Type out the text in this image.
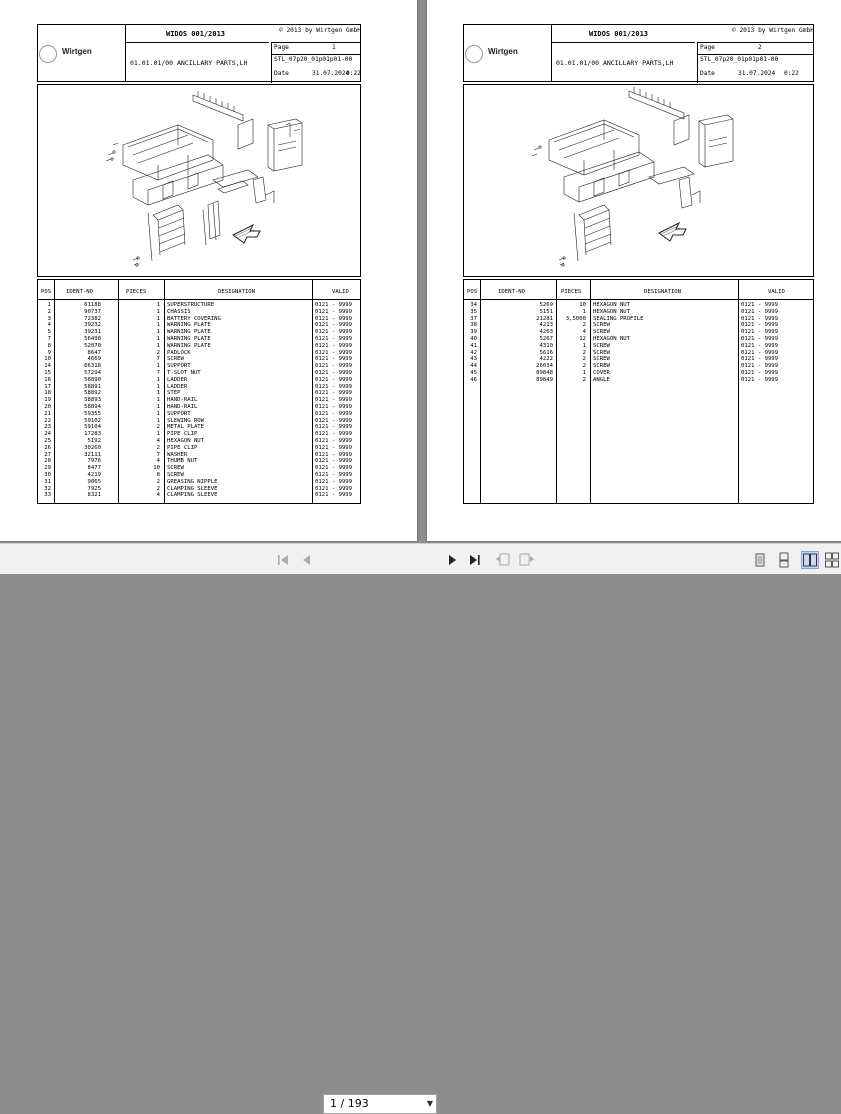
Wirtgen
© 2013 by Wirtgen GmbH
WIDOS 001/2013
Page	1
STL_07p20_01p01p01-00
Date	31.07.2024
0:22
01.01.01/00 ANCILLARY PARTS,LH
POS	IDENT-NO	PIECES	DESIGNATION	VALID
1	61188	1 SUPERSTRUCTURE	0121 - 9999
2	90737	1 CHASSIS	0121 - 9999
3	72382	1 BATTERY COVERING	0121 - 9999
4	39232	1 WARNING PLATE	0121 - 9999
5	39231	1 WARNING PLATE	0121 - 9999
7	56498	1 WARNING PLATE	0121 - 9999
8	52070	1 WARNING PLATE	0121 - 9999
9	8647	2 PADLOCK	0121 - 9999
10	4669	7 SCREW	0121 - 9999
14	66318	1 SUPPORT	0121 - 9999
15	57294	7 T-SLOT NUT	0121 - 9999
16	58890	1 LADDER	0121 - 9999
17	58891	1 LADDER	0121 - 9999
18	58892	1 STEP	0121 - 9999
19	58893	1 HAND-RAIL	0121 - 9999
20	58894	1 HAND-RAIL	0121 - 9999
21	59355	1 SUPPORT	0121 - 9999
22	59102	1 SLEWING ROW	0121 - 9999
23	59104	2 METAL PLATE	0121 - 9999
24	17283	1 PIPE CLIP	0121 - 9999
25	5192	4 HEXAGON NUT	0121 - 9999
26	30260	2 PIPE CLIP	0121 - 9999
27	32111	7 WASHER	0121 - 9999
28	7976	4 THUMB NUT	0121 - 9999
29	8477	10 SCREW	0121 - 9999
30	4219	8 SCREW	0121 - 9999
31	9065	2 GREASING NIPPLE	0121 - 9999
32	7925	2 CLAMPING SLEEVE	0121 - 9999
33	8321	4 CLAMPING SLEEVE	0121 - 9999
Wirtgen
© 2013 by Wirtgen GmbH
WIDOS 001/2013
Page	2
STL_07p20_01p01p01-00
Date	31.07.2024 0:22
01.01.01/00 ANCILLARY PARTS,LH
POS	IDENT-NO	PIECES	DESIGNATION	VALID
34	5269	10 HEXAGON NUT	0121 - 9999
35	5151	1 HEXAGON NUT	0121 - 9999
37	21281 3,5000 SEALING PROFILE	0121 - 9999
38	4213	2 SCREW	0121 - 9999
39	4263	4 SCREW	0121 - 9999
40	5267	12 HEXAGON NUT	0121 - 9999
41	4310	1 SCREW	0121 - 9999
42	5616	2 SCREW	0121 - 9999
43	4222	2 SCREW	0121 - 9999
44	26034	2 SCREW	0121 - 9999
45	89848	1 COVER	0121 - 9999
46	89849	2 ANGLE	0121 - 9999
1 / 193	▼
